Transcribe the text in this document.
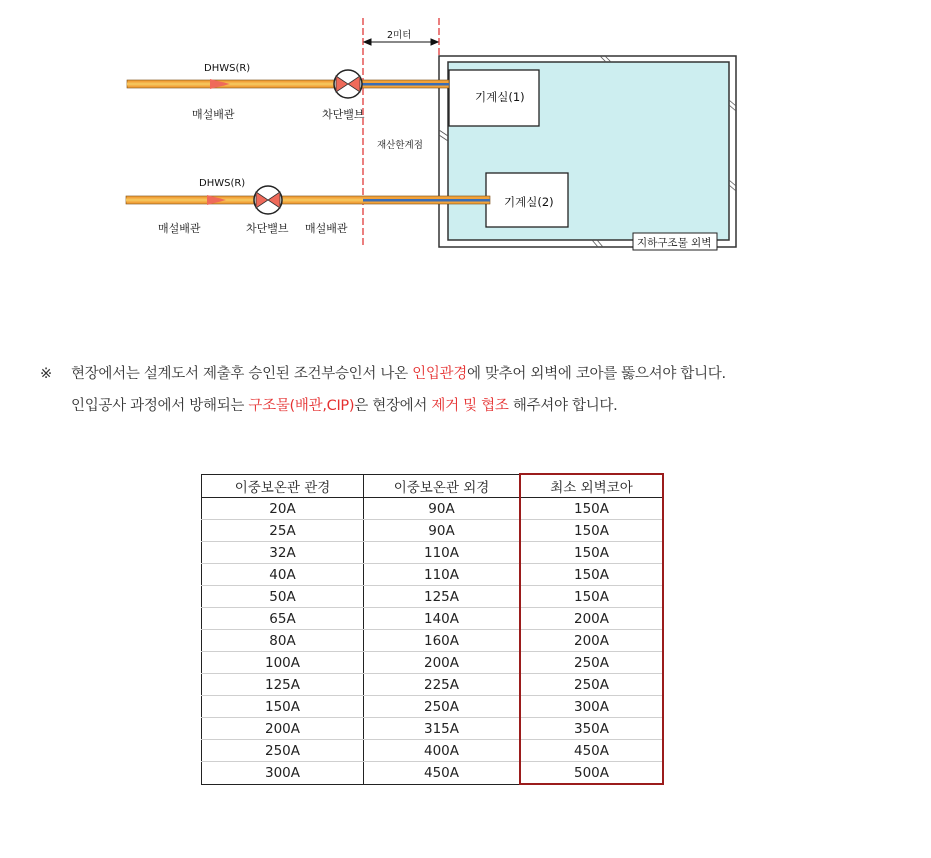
기계실(1)
기계실(2)
지하구조물 외벽
2미터
DHWS(R)
매설배관	차단밸브
재산한계점
DHWS(R)
매설배관	매설배관
차단밸브
※ 현장에서는 설계도서 제출후 승인된 조건부승인서 나온 인입관경에 맞추어 외벽에 코아를 뚫으셔야 합니다.
인입공사 과정에서 방해되는 구조물(배관,CIP)은 현장에서 제거 및 협조 해주셔야 합니다.
이중보온관 관경	이중보온관 외경	최소 외벽코아
20A	90A	150A
25A	90A	150A
32A	110A	150A
40A	110A	150A
50A	125A	150A
65A	140A	200A
80A	160A	200A
100A	200A	250A
125A	225A	250A
150A	250A	300A
200A	315A	350A
250A	400A	450A
300A	450A	500A
